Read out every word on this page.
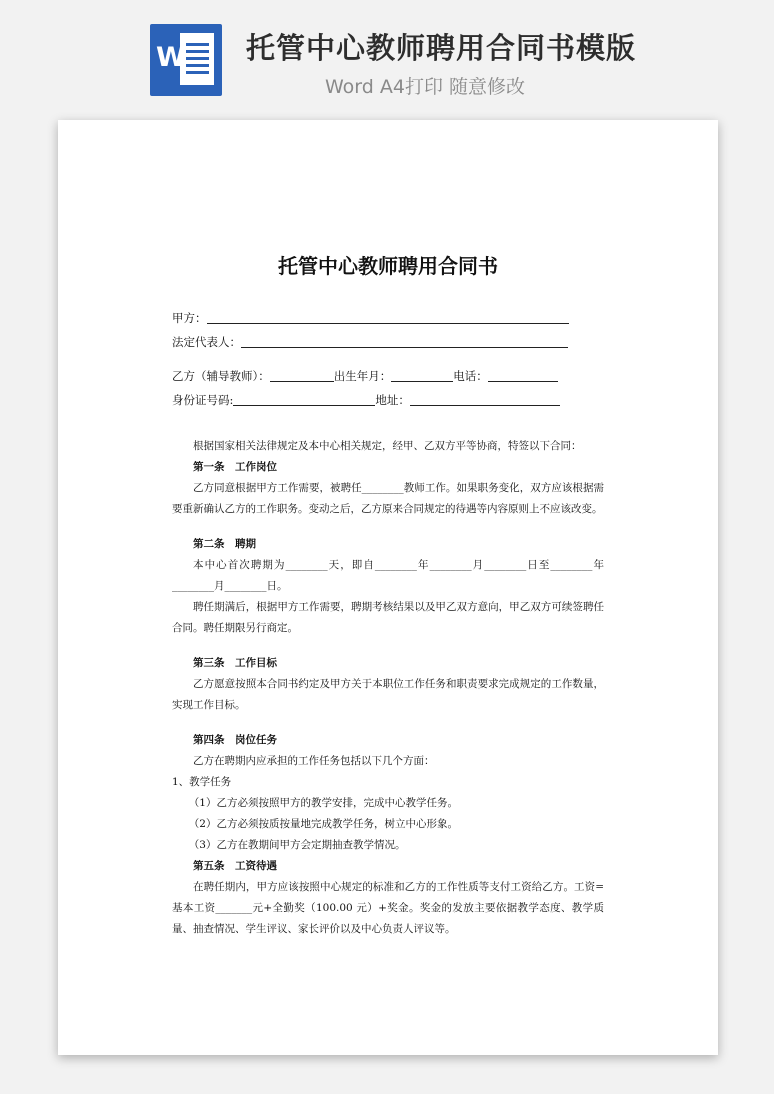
W 托管中心教师聘用合同书模版
Word A4打印 随意修改

托管中心教师聘用合同书
甲方：
法定代表人：
乙方（辅导教师）：	出生年月：	电话：
身份证号码:	地址：

根据国家相关法律规定及本中心相关规定，经甲、乙双方平等协商，特签以下合同：

第一条　工作岗位

乙方同意根据甲方工作需要，被聘任________教师工作。如果职务变化，双方应该根据需要重新确认乙方的工作职务。变动之后，乙方原来合同规定的待遇等内容原则上不应该改变。

第二条　聘期

本中心首次聘期为________天，即自________年________月________日至________年________月________日。

聘任期满后，根据甲方工作需要，聘期考核结果以及甲乙双方意向，甲乙双方可续签聘任合同。聘任期限另行商定。

第三条　工作目标

乙方愿意按照本合同书约定及甲方关于本职位工作任务和职责要求完成规定的工作数量，实现工作目标。

第四条　岗位任务

乙方在聘期内应承担的工作任务包括以下几个方面：

1、教学任务

（1）乙方必须按照甲方的教学安排，完成中心教学任务。

（2）乙方必须按质按量地完成教学任务，树立中心形象。

（3）乙方在教期间甲方会定期抽查教学情况。

第五条　工资待遇

在聘任期内，甲方应该按照中心规定的标准和乙方的工作性质等支付工资给乙方。工资=基本工资_______元+全勤奖（100.00 元）+奖金。奖金的发放主要依据教学态度、教学质量、抽查情况、学生评议、家长评价以及中心负责人评议等。
